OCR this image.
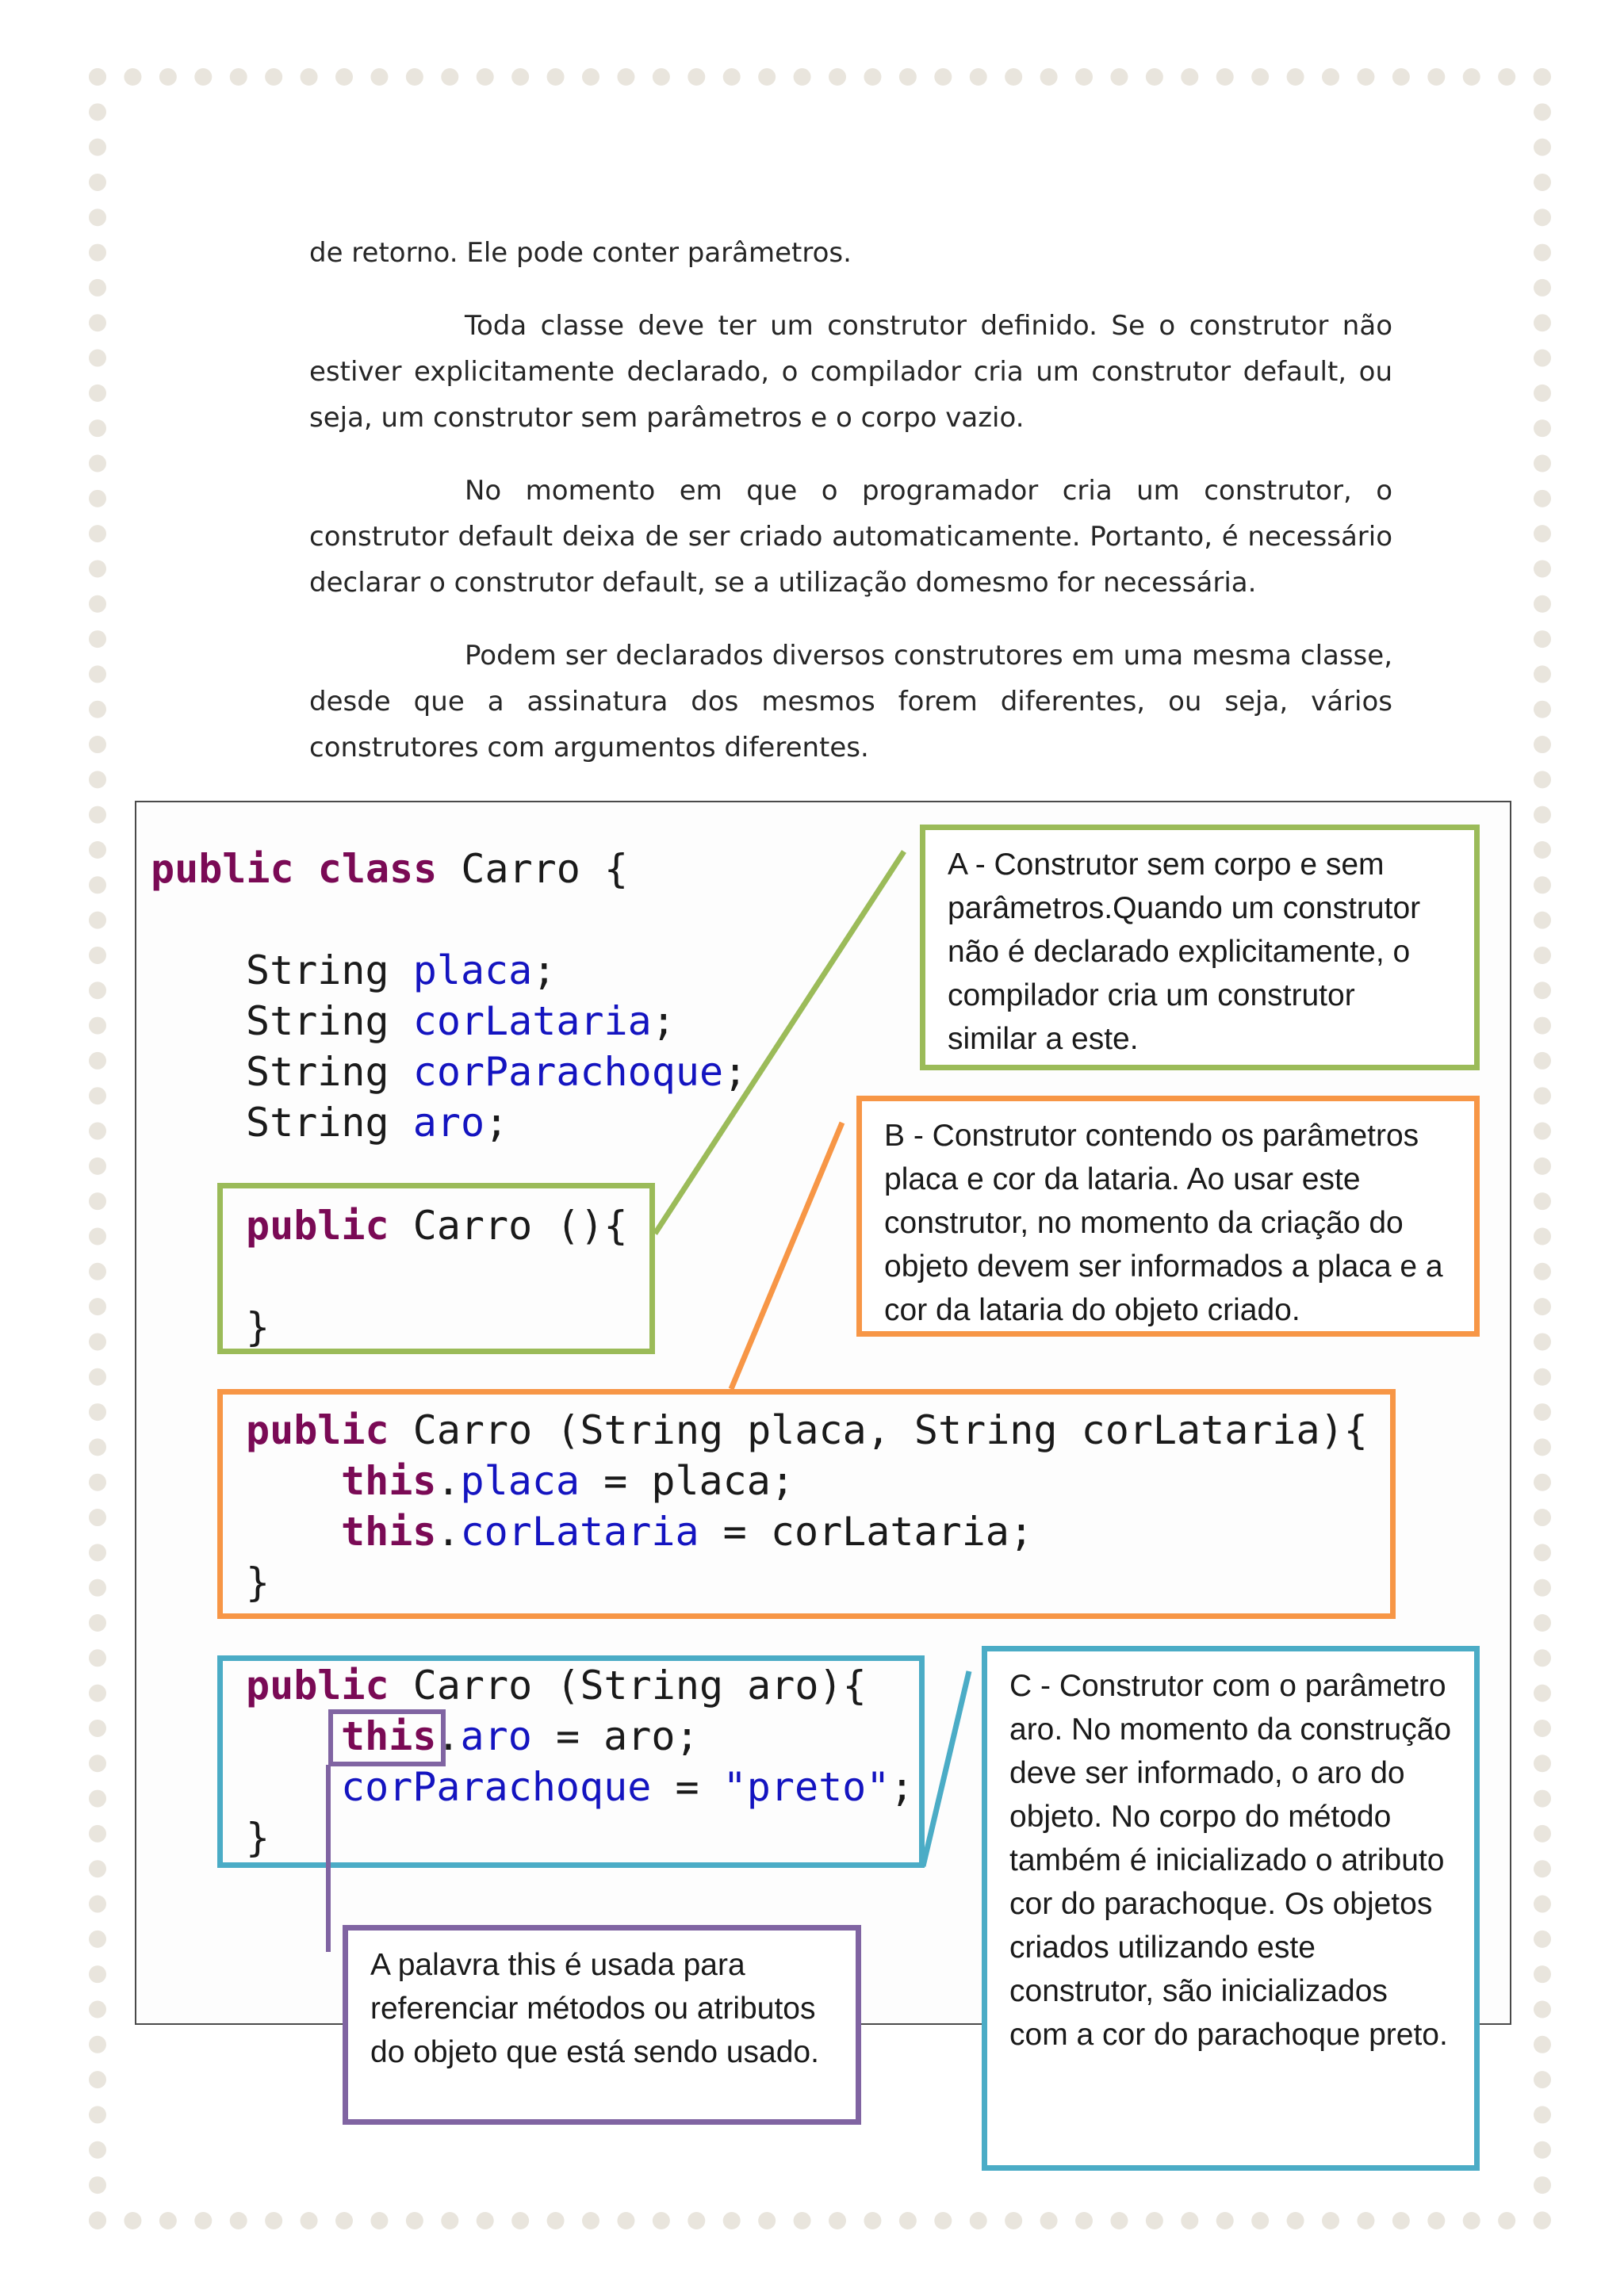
de retorno. Ele pode conter parâmetros.

Toda classe deve ter um construtor definido. Se o construtor não estiver explicitamente declarado, o compilador cria um construtor default, ou seja, um construtor sem parâmetros e o corpo vazio.

No momento em que o programador cria um construtor, o construtor default deixa de ser criado automaticamente. Portanto, é necessário declarar o construtor default, se a utilização domesmo for necessária.

Podem ser declarados diversos construtores em uma mesma classe, desde que a assinatura dos mesmos forem diferentes, ou seja, vários construtores com argumentos diferentes.

public class Carro {
String placa;
String corLataria;
String corParachoque;
String aro;
public Carro (){
}
public Carro (String placa, String corLataria){
this.placa = placa;
this.corLataria = corLataria;
}
public Carro (String aro){
this.aro = aro;
corParachoque = "preto";
}
A - Construtor sem corpo e sem parâmetros.Quando um construtor não é declarado explicitamente, o compilador cria um construtor similar a este.
B - Construtor contendo os parâmetros placa e cor da lataria. Ao usar este construtor, no momento da criação do objeto devem ser informados a placa e a cor da lataria do objeto criado.
C - Construtor com o parâmetro aro. No momento da construção deve ser informado, o aro do objeto. No corpo do método também é inicializado o atributo cor do parachoque. Os objetos criados utilizando este construtor, são inicializados com a cor do parachoque preto.
A palavra this é usada para referenciar métodos ou atributos do objeto que está sendo usado.
